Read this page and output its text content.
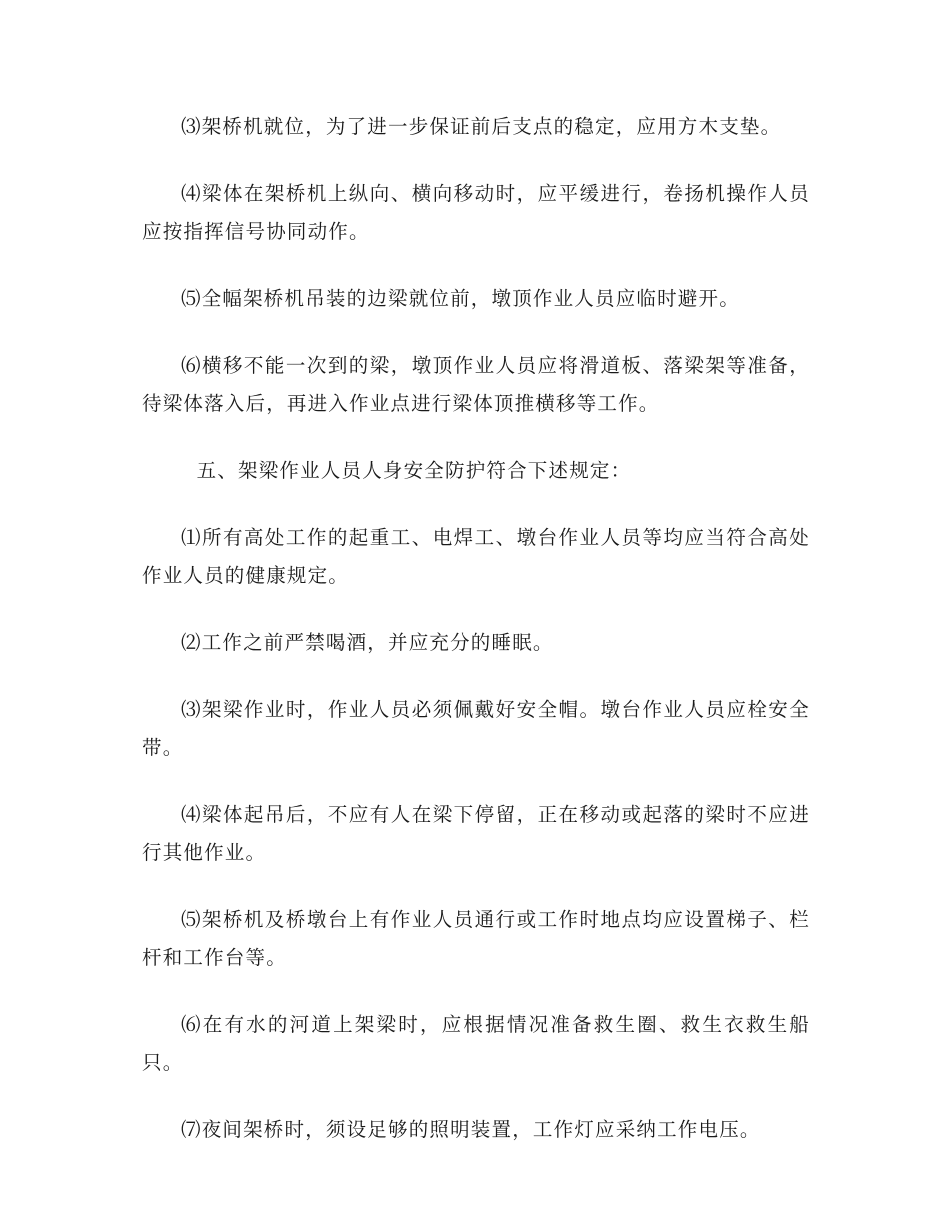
⑶架桥机就位，为了进一步保证前后支点的稳定，应用方木支垫。

⑷梁体在架桥机上纵向、横向移动时，应平缓进行，卷扬机操作人员应按指挥信号协同动作。

⑸全幅架桥机吊装的边梁就位前，墩顶作业人员应临时避开。

⑹横移不能一次到的梁，墩顶作业人员应将滑道板、落梁架等准备，待梁体落入后，再进入作业点进行梁体顶推横移等工作。

五、架梁作业人员人身安全防护符合下述规定：

⑴所有高处工作的起重工、电焊工、墩台作业人员等均应当符合高处作业人员的健康规定。

⑵工作之前严禁喝酒，并应充分的睡眠。

⑶架梁作业时，作业人员必须佩戴好安全帽。墩台作业人员应栓安全带。

⑷梁体起吊后，不应有人在梁下停留，正在移动或起落的梁时不应进行其他作业。

⑸架桥机及桥墩台上有作业人员通行或工作时地点均应设置梯子、栏杆和工作台等。

⑹在有水的河道上架梁时，应根据情况准备救生圈、救生衣救生船只。

⑺夜间架桥时，须设足够的照明装置，工作灯应采纳工作电压。
